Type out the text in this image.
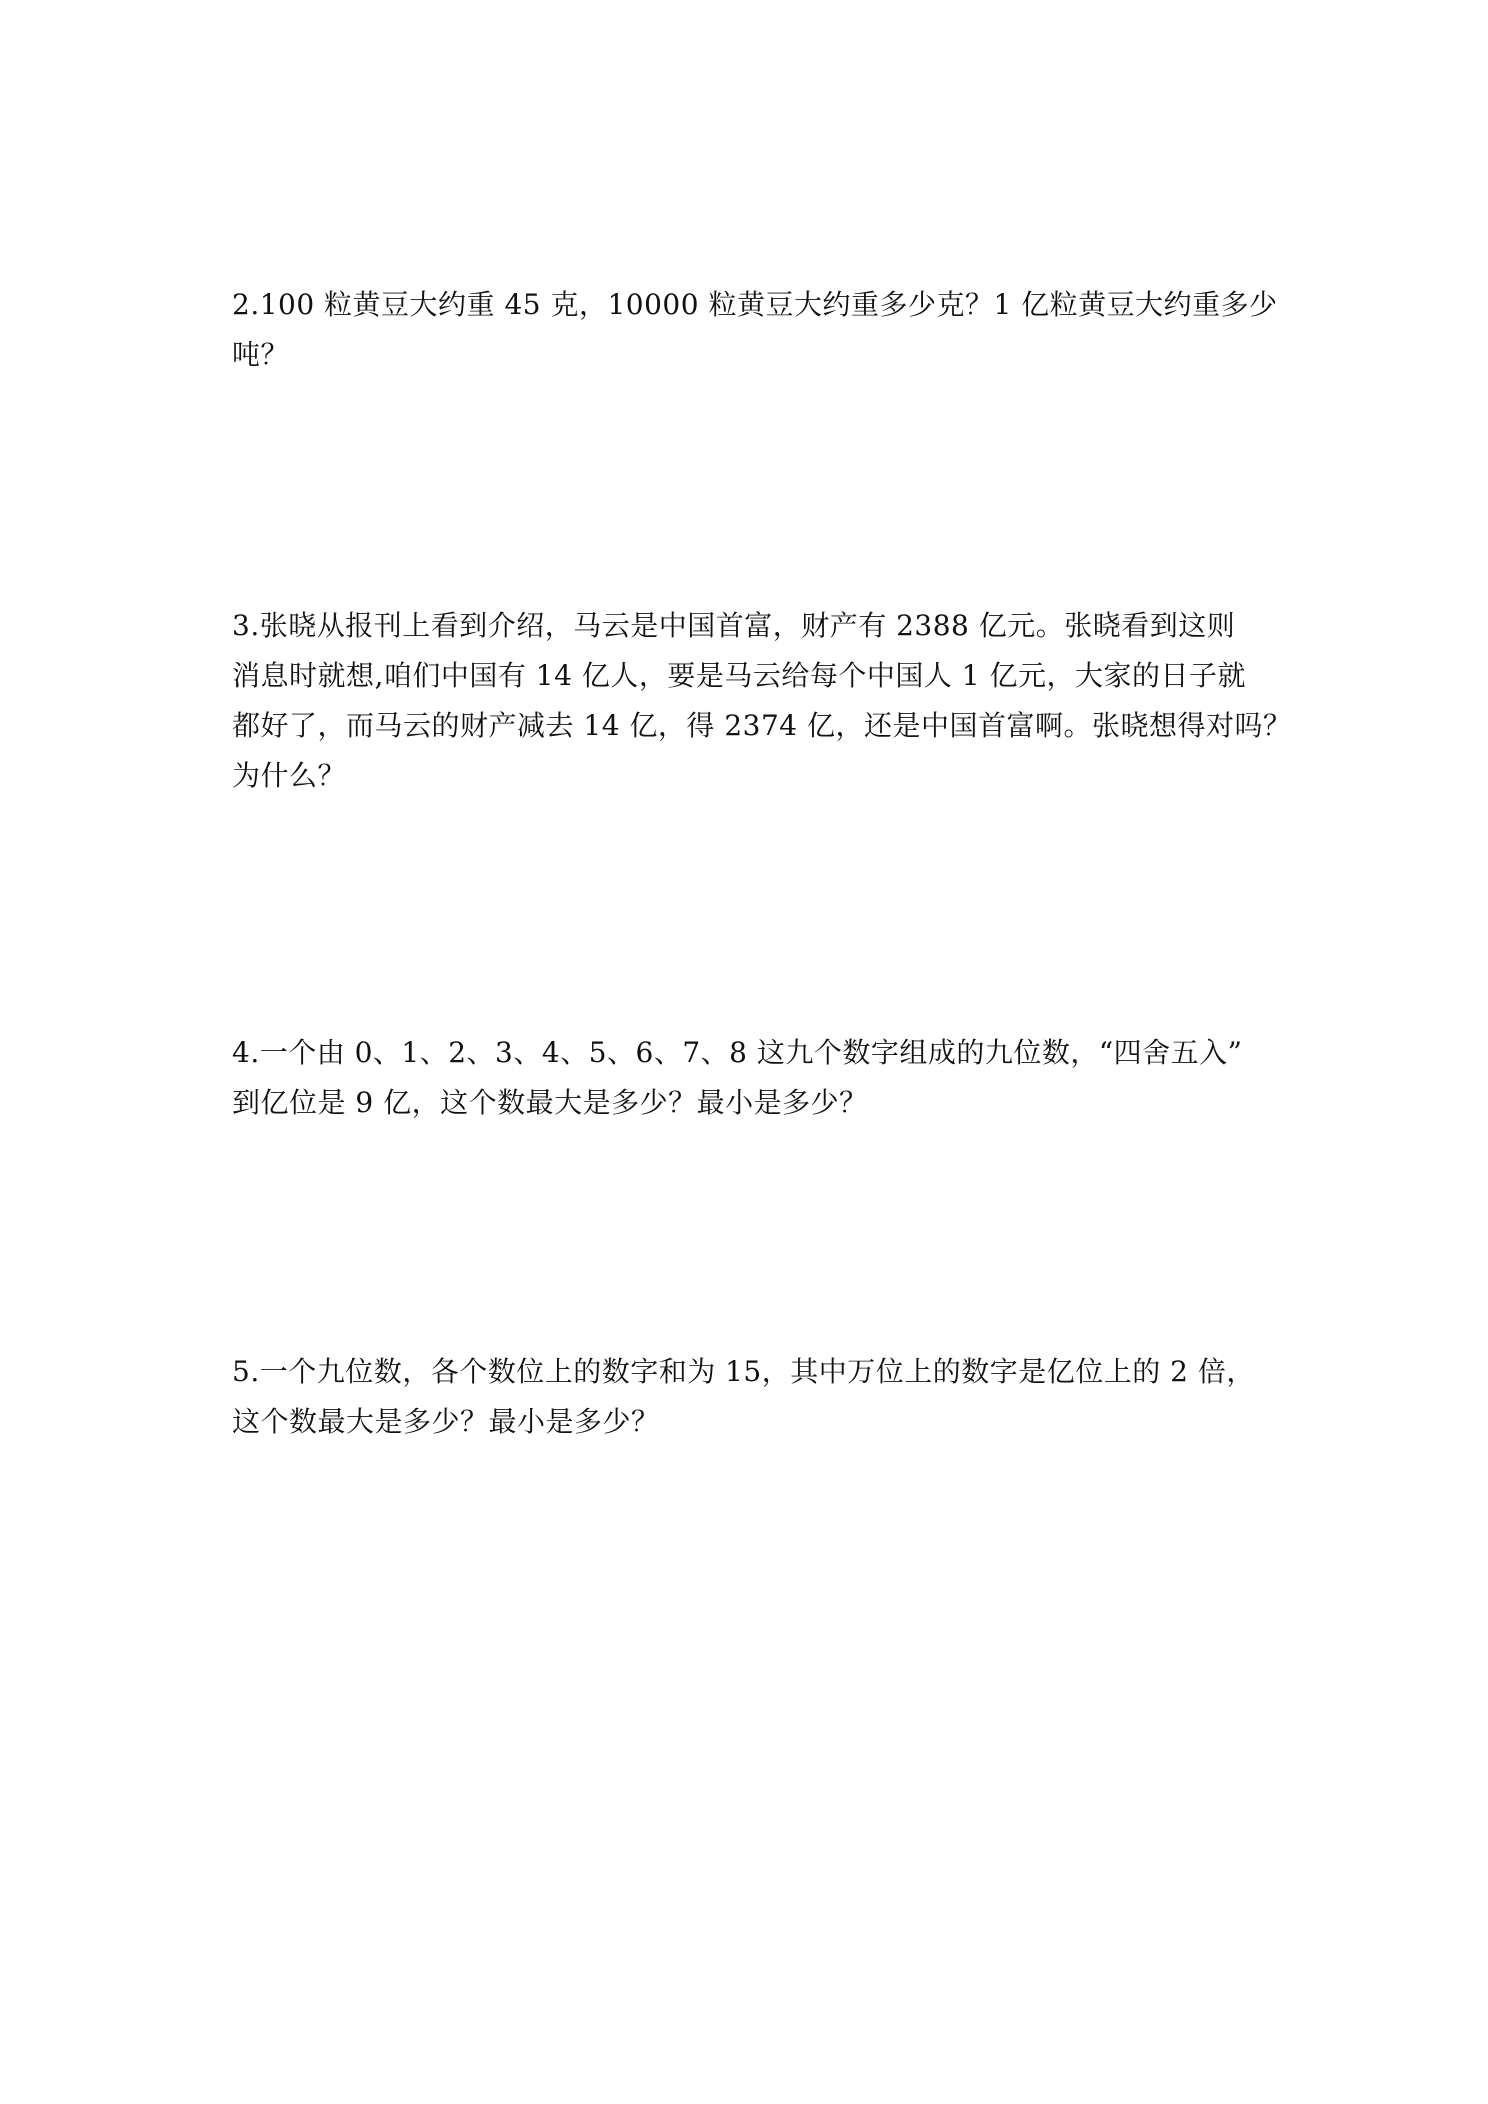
2.100 粒黄豆大约重 45 克，10000 粒黄豆大约重多少克？1 亿粒黄豆大约重多少
吨？
3.张晓从报刊上看到介绍，马云是中国首富，财产有 2388 亿元。张晓看到这则
消息时就想,咱们中国有 14 亿人，要是马云给每个中国人 1 亿元，大家的日子就
都好了，而马云的财产减去 14 亿，得 2374 亿，还是中国首富啊。张晓想得对吗？
为什么？
4.一个由 0、1、2、3、4、5、6、7、8 这九个数字组成的九位数，“四舍五入”
到亿位是 9 亿，这个数最大是多少？最小是多少？
5.一个九位数，各个数位上的数字和为 15，其中万位上的数字是亿位上的 2 倍，
这个数最大是多少？最小是多少？
